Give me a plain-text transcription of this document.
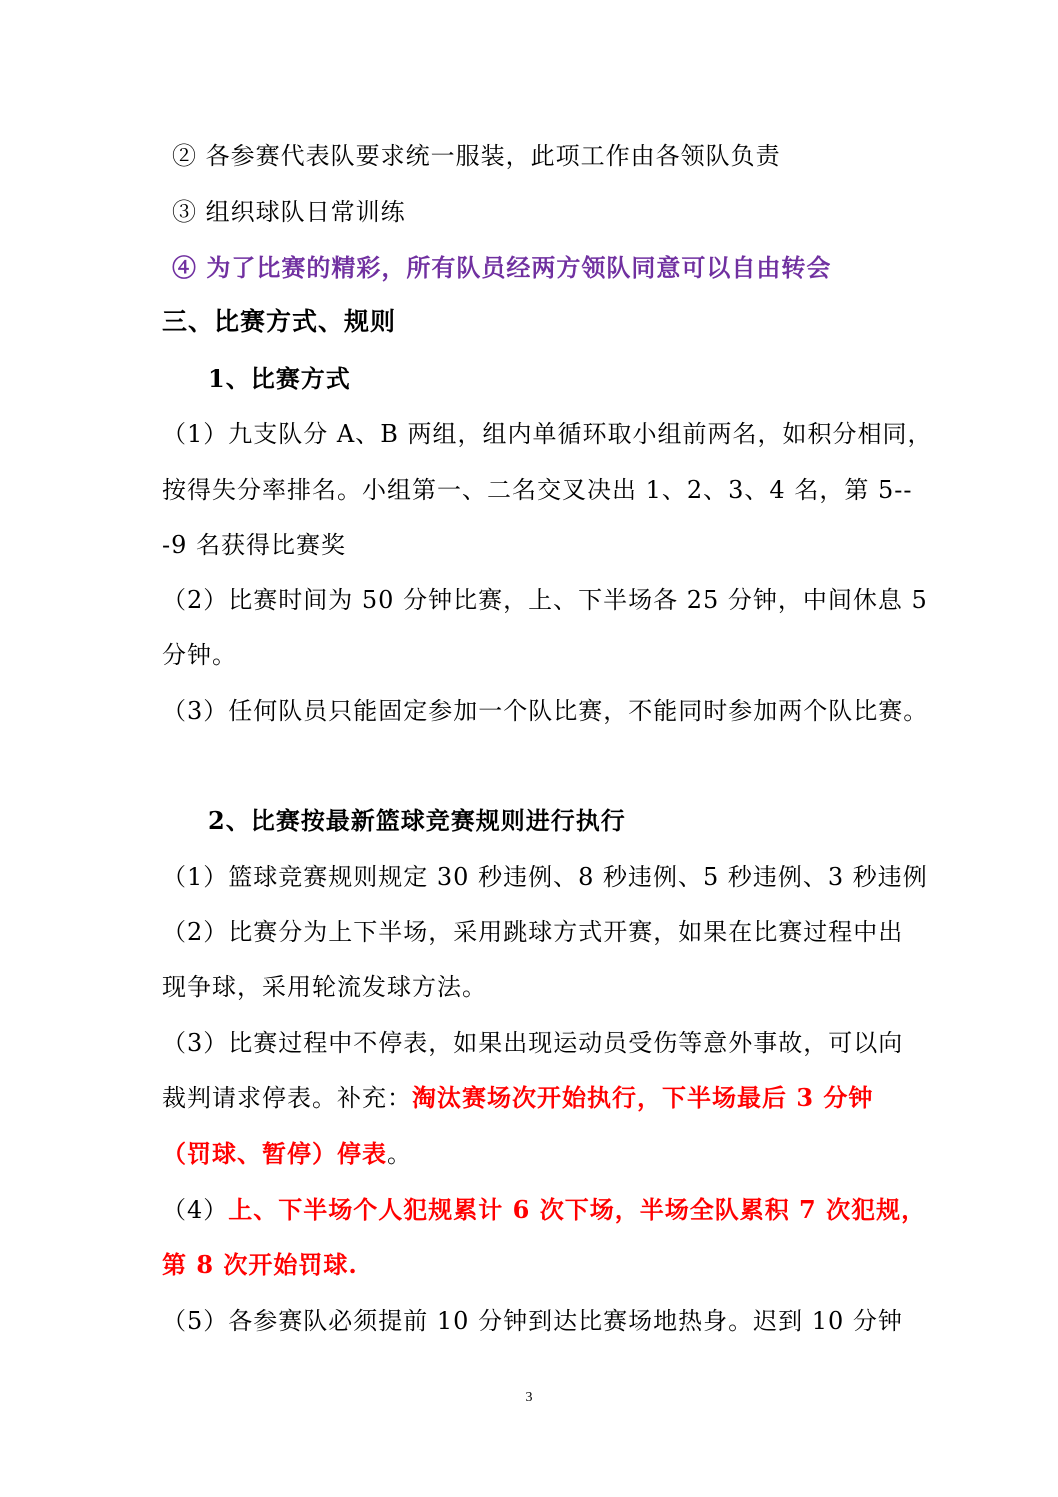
② 各参赛代表队要求统一服装，此项工作由各领队负责
③ 组织球队日常训练
④ 为了比赛的精彩，所有队员经两方领队同意可以自由转会
三、比赛方式、规则
1、比赛方式
（1）九支队分 A、B 两组，组内单循环取小组前两名，如积分相同，
按得失分率排名。小组第一、二名交叉决出 1、2、3、4 名，第 5--
-9 名获得比赛奖
（2）比赛时间为 50 分钟比赛，上、下半场各 25 分钟，中间休息 5
分钟。
（3）任何队员只能固定参加一个队比赛，不能同时参加两个队比赛。
2、比赛按最新篮球竞赛规则进行执行
（1）篮球竞赛规则规定 30 秒违例、8 秒违例、5 秒违例、3 秒违例
（2）比赛分为上下半场，采用跳球方式开赛，如果在比赛过程中出
现争球，采用轮流发球方法。
（3）比赛过程中不停表，如果出现运动员受伤等意外事故，可以向
裁判请求停表。补充：淘汰赛场次开始执行，下半场最后 3 分钟
（罚球、暂停）停表。
（4）上、下半场个人犯规累计 6 次下场，半场全队累积 7 次犯规，
第 8 次开始罚球.
（5）各参赛队必须提前 10 分钟到达比赛场地热身。迟到 10 分钟
3
